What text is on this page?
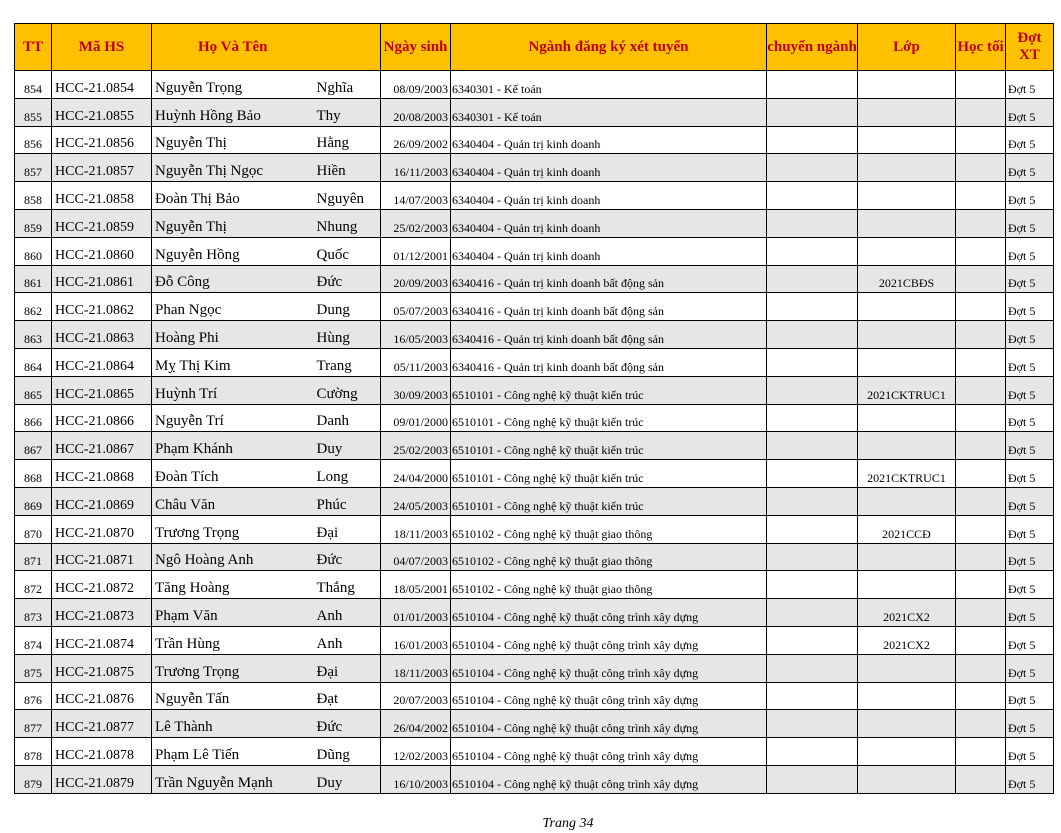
TT	Mã HS	Họ Và Tên		Ngày sinh	Ngành đăng ký xét tuyển	chuyển ngành	Lớp	Học tối	Đợt XT
854	HCC-21.0854	Nguyễn Trọng	Nghĩa	08/09/2003	6340301 - Kế toán				Đợt 5
855	HCC-21.0855	Huỳnh Hồng Bảo	Thy	20/08/2003	6340301 - Kế toán				Đợt 5
856	HCC-21.0856	Nguyễn Thị	Hằng	26/09/2002	6340404 - Quản trị kinh doanh				Đợt 5
857	HCC-21.0857	Nguyễn Thị Ngọc	Hiền	16/11/2003	6340404 - Quản trị kinh doanh				Đợt 5
858	HCC-21.0858	Đoàn Thị Bảo	Nguyên	14/07/2003	6340404 - Quản trị kinh doanh				Đợt 5
859	HCC-21.0859	Nguyễn Thị	Nhung	25/02/2003	6340404 - Quản trị kinh doanh				Đợt 5
860	HCC-21.0860	Nguyễn Hồng	Quốc	01/12/2001	6340404 - Quản trị kinh doanh				Đợt 5
861	HCC-21.0861	Đỗ Công	Đức	20/09/2003	6340416 - Quản trị kinh doanh bất động sản		2021CBĐS		Đợt 5
862	HCC-21.0862	Phan Ngọc	Dung	05/07/2003	6340416 - Quản trị kinh doanh bất động sản				Đợt 5
863	HCC-21.0863	Hoàng Phi	Hùng	16/05/2003	6340416 - Quản trị kinh doanh bất động sản				Đợt 5
864	HCC-21.0864	Mỵ Thị Kim	Trang	05/11/2003	6340416 - Quản trị kinh doanh bất động sản				Đợt 5
865	HCC-21.0865	Huỳnh Trí	Cường	30/09/2003	6510101 - Công nghệ kỹ thuật kiến trúc		2021CKTRUC1		Đợt 5
866	HCC-21.0866	Nguyễn Trí	Danh	09/01/2000	6510101 - Công nghệ kỹ thuật kiến trúc				Đợt 5
867	HCC-21.0867	Phạm Khánh	Duy	25/02/2003	6510101 - Công nghệ kỹ thuật kiến trúc				Đợt 5
868	HCC-21.0868	Đoàn Tích	Long	24/04/2000	6510101 - Công nghệ kỹ thuật kiến trúc		2021CKTRUC1		Đợt 5
869	HCC-21.0869	Châu Văn	Phúc	24/05/2003	6510101 - Công nghệ kỹ thuật kiến trúc				Đợt 5
870	HCC-21.0870	Trương Trọng	Đại	18/11/2003	6510102 - Công nghệ kỹ thuật giao thông		2021CCĐ		Đợt 5
871	HCC-21.0871	Ngô Hoàng Anh	Đức	04/07/2003	6510102 - Công nghệ kỹ thuật giao thông				Đợt 5
872	HCC-21.0872	Tăng Hoàng	Thắng	18/05/2001	6510102 - Công nghệ kỹ thuật giao thông				Đợt 5
873	HCC-21.0873	Phạm Văn	Anh	01/01/2003	6510104 - Công nghệ kỹ thuật công trình xây dựng		2021CX2		Đợt 5
874	HCC-21.0874	Trần Hùng	Anh	16/01/2003	6510104 - Công nghệ kỹ thuật công trình xây dựng		2021CX2		Đợt 5
875	HCC-21.0875	Trương Trọng	Đại	18/11/2003	6510104 - Công nghệ kỹ thuật công trình xây dựng				Đợt 5
876	HCC-21.0876	Nguyễn Tấn	Đạt	20/07/2003	6510104 - Công nghệ kỹ thuật công trình xây dựng				Đợt 5
877	HCC-21.0877	Lê Thành	Đức	26/04/2002	6510104 - Công nghệ kỹ thuật công trình xây dựng				Đợt 5
878	HCC-21.0878	Phạm Lê Tiến	Dũng	12/02/2003	6510104 - Công nghệ kỹ thuật công trình xây dựng				Đợt 5
879	HCC-21.0879	Trần Nguyễn Mạnh	Duy	16/10/2003	6510104 - Công nghệ kỹ thuật công trình xây dựng				Đợt 5
Trang 34
